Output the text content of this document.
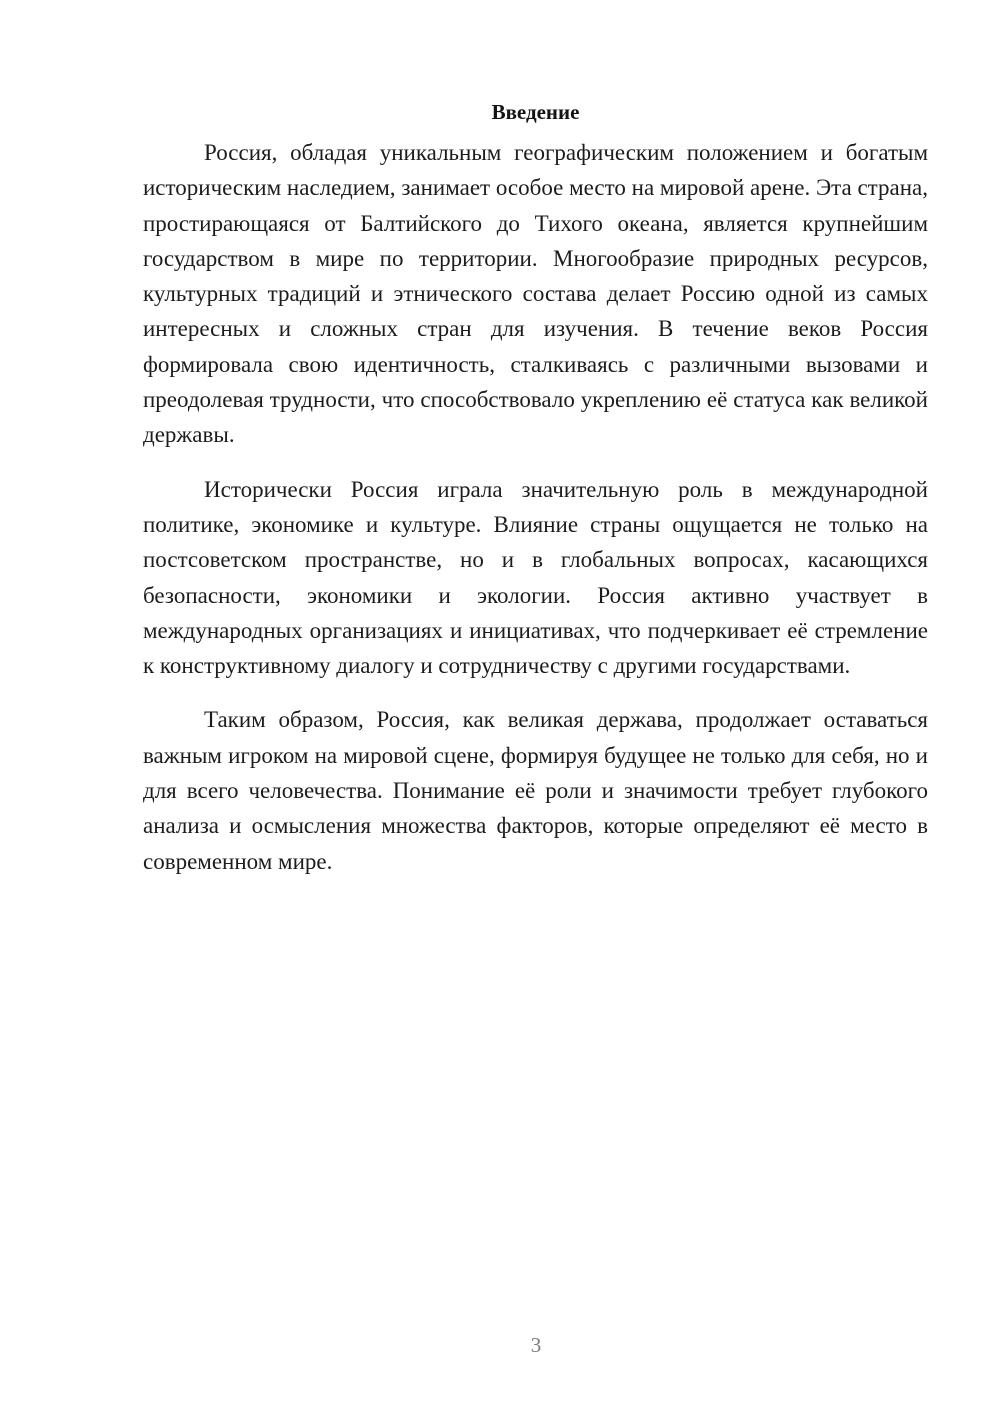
Введение

Россия, обладая уникальным географическим положением и богатым историческим наследием, занимает особое место на мировой арене. Эта страна, простирающаяся от Балтийского до Тихого океана, является крупнейшим государством в мире по территории. Многообразие природных ресурсов, культурных традиций и этнического состава делает Россию одной из самых интересных и сложных стран для изучения. В течение веков Россия формировала свою идентичность, сталкиваясь с различными вызовами и преодолевая трудности, что способствовало укреплению её статуса как великой державы.

Исторически Россия играла значительную роль в международной политике, экономике и культуре. Влияние страны ощущается не только на постсоветском пространстве, но и в глобальных вопросах, касающихся безопасности, экономики и экологии. Россия активно участвует в международных организациях и инициативах, что подчеркивает её стремление к конструктивному диалогу и сотрудничеству с другими государствами.

Таким образом, Россия, как великая держава, продолжает оставаться важным игроком на мировой сцене, формируя будущее не только для себя, но и для всего человечества. Понимание её роли и значимости требует глубокого анализа и осмысления множества факторов, которые определяют её место в современном мире.

3
